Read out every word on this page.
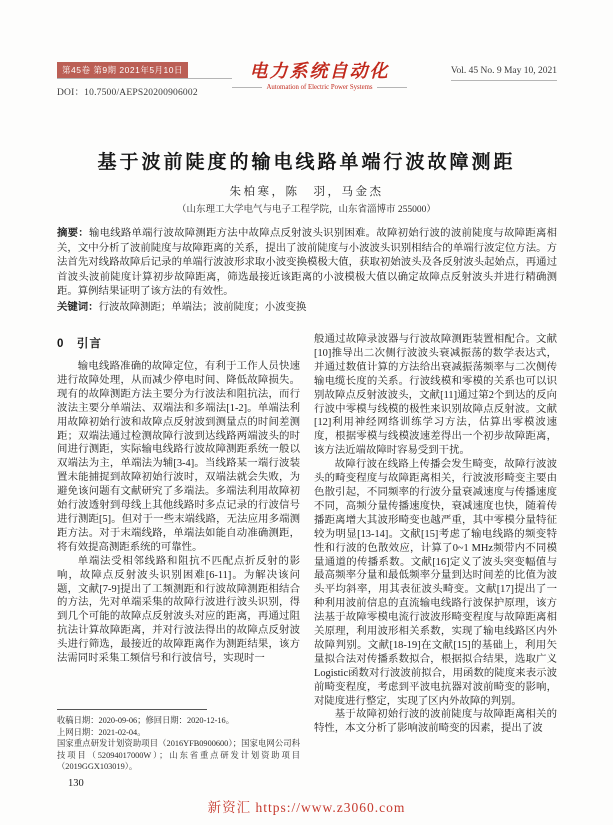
第45卷 第9期 2021年5月10日
DOI：10.7500/AEPS20200906002
电力系统自动化
Automation of Electric Power Systems
Vol. 45 No. 9 May 10, 2021
基于波前陡度的输电线路单端行波故障测距
朱柏寒，陈　羽，马金杰
（山东理工大学电气与电子工程学院，山东省淄博市 255000）
摘要：输电线路单端行波故障测距方法中故障点反射波头识别困难。故障初始行波的波前陡度与故障距离相关，文中分析了波前陡度与故障距离的关系，提出了波前陡度与小波波头识别相结合的单端行波定位方法。方法首先对线路故障后记录的单端行波波形求取小波变换模极大值，获取初始波头及各反射波头起始点，再通过首波头波前陡度计算初步故障距离，筛选最接近该距离的小波模极大值以确定故障点反射波头并进行精确测距。算例结果证明了该方法的有效性。
关键词：行波故障测距；单端法；波前陡度；小波变换
0　引言
输电线路准确的故障定位，有利于工作人员快速进行故障处理，从而减少停电时间、降低故障损失。现有的故障测距方法主要分为行波法和阻抗法，而行波法主要分单端法、双端法和多端法[1-2]。单端法利用故障初始行波和故障点反射波到测量点的时间差测距；双端法通过检测故障行波到达线路两端波头的时间进行测距，实际输电线路行波故障测距系统一般以双端法为主，单端法为辅[3-4]。当线路某一端行波装置未能捕捉到故障初始行波时，双端法就会失败，为避免该问题有文献研究了多端法。多端法利用故障初始行波透射到母线上其他线路时多点记录的行波信号进行测距[5]。但对于一些末端线路，无法应用多端测距方法。对于末端线路，单端法如能自动准确测距，将有效提高测距系统的可靠性。
单端法受相邻线路和阻抗不匹配点折反射的影响，故障点反射波头识别困难[6-11]。为解决该问题，文献[7-9]提出了工频测距和行波故障测距相结合的方法，先对单端采集的故障行波进行波头识别，得到几个可能的故障点反射波头对应的距离，再通过阻抗法计算故障距离，并对行波法得出的故障点反射波头进行筛选，最接近的故障距离作为测距结果，该方法需同时采集工频信号和行波信号，实现时一
收稿日期：2020-09-06；修回日期：2020-12-16。
上网日期：2021-02-04。
国家重点研发计划资助项目（2016YFB0900600）；国家电网公司科技项目（52094017000W）；山东省重点研发计划资助项目（2019GGX103019）。
般通过故障录波器与行波故障测距装置相配合。文献[10]推导出二次侧行波波头衰减振荡的数学表达式，并通过数值计算的方法给出衰减振荡频率与二次侧传输电缆长度的关系。行波线模和零模的关系也可以识别故障点反射波波头，文献[11]通过第2个到达的反向行波中零模与线模的极性来识别故障点反射波。文献[12]利用神经网络训练学习方法，估算出零模波速度，根据零模与线模波速差得出一个初步故障距离，该方法近端故障时容易受到干扰。
故障行波在线路上传播会发生畸变，故障行波波头的畸变程度与故障距离相关，行波波形畸变主要由色散引起，不同频率的行波分量衰减速度与传播速度不同，高频分量传播速度快，衰减速度也快，随着传播距离增大其波形畸变也越严重，其中零模分量特征较为明显[13-14]。文献[15]考虑了输电线路的频变特性和行波的色散效应，计算了0~1 MHz频带内不同模量通道的传播系数。文献[16]定义了波头突变幅值与最高频率分量和最低频率分量到达时间差的比值为波头平均斜率，用其表征波头畸变。文献[17]提出了一种利用波前信息的直流输电线路行波保护原理，该方法基于故障零模电流行波波形畸变程度与故障距离相关原理，利用波形相关系数，实现了输电线路区内外故障判别。文献[18-19]在文献[15]的基础上，利用矢量拟合法对传播系数拟合，根据拟合结果，选取广义Logistic函数对行波波前拟合，用函数的陡度来表示波前畸变程度，考虑到平波电抗器对波前畸变的影响，对陡度进行整定，实现了区内外故障的判别。
基于故障初始行波的波前陡度与故障距离相关的特性，本文分析了影响波前畸变的因素，提出了波
130
新资汇 https://www.z3060.com
